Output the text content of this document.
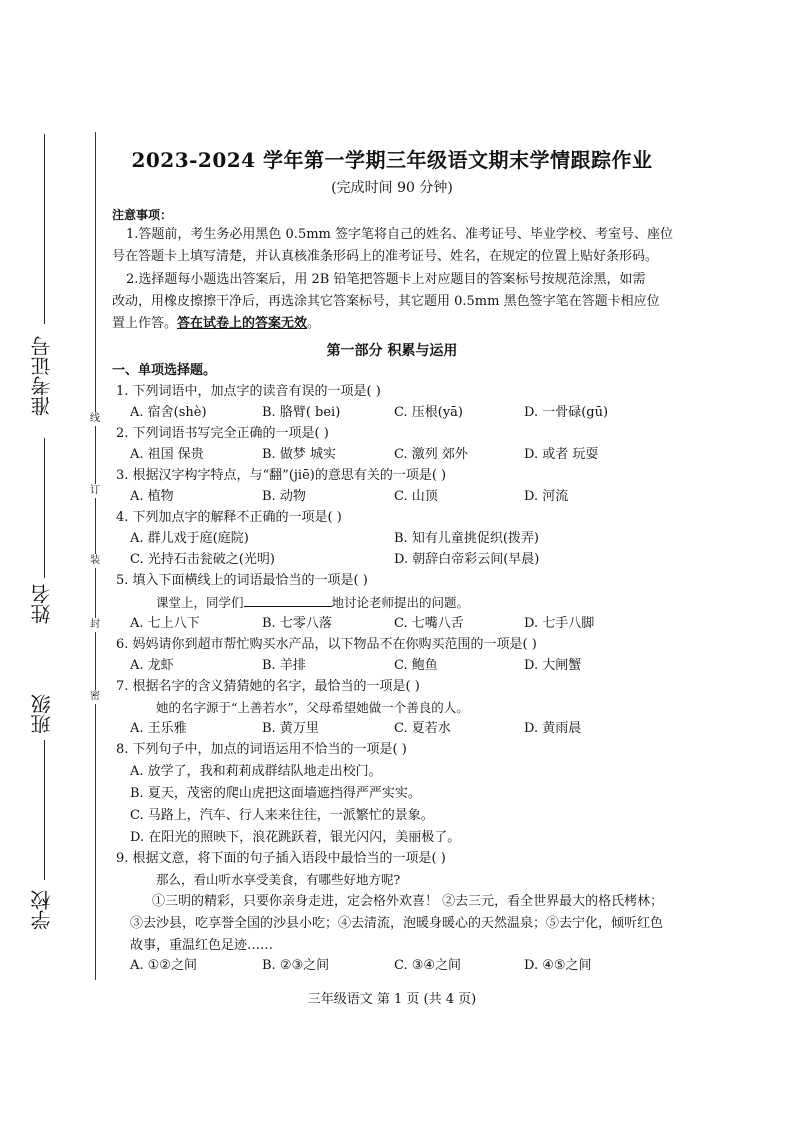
线
订
装
封
密
准考证号
姓名
班级
学校
2023-2024 学年第一学期三年级语文期末学情跟踪作业
(完成时间 90 分钟)
注意事项：
1.答题前，考生务必用黑色 0.5mm 签字笔将自己的姓名、准考证号、毕业学校、考室号、座位
号在答题卡上填写清楚，并认真核准条形码上的准考证号、姓名，在规定的位置上贴好条形码。
2.选择题每小题选出答案后，用 2B 铅笔把答题卡上对应题目的答案标号按规范涂黑，如需
改动，用橡皮擦擦干净后，再选涂其它答案标号，其它题用 0.5mm 黑色签字笔在答题卡相应位
置上作答。答在试卷上的答案无效。
第一部分 积累与运用
一、单项选择题。
1. 下列词语中，加点字的读音有误的一项是( )
A. 宿舍(shè)	B. 胳臂( bei)	C. 压根(yā)	D. 一骨碌(gū)
2. 下列词语书写完全正确的一项是( )
A. 祖国 保贵	B. 做梦 城实	C. 激列 郊外	D. 或者 玩耍
3. 根据汉字构字特点，与“翻”(jiē)的意思有关的一项是( )
A. 植物	B. 动物	C. 山顶	D. 河流
4. 下列加点字的解释不正确的一项是( )
A. 群儿戏于庭(庭院)	B. 知有儿童挑促织(拨弄)
C. 光持石击瓮破之(光明)	D. 朝辞白帝彩云间(早晨)
5. 填入下面横线上的词语最恰当的一项是( )
课堂上，同学们	地讨论老师提出的问题。
A. 七上八下	B. 七零八落	C. 七嘴八舌	D. 七手八脚
6. 妈妈请你到超市帮忙购买水产品，以下物品不在你购买范围的一项是( )
A. 龙虾	B. 羊排	C. 鲍鱼	D. 大闸蟹
7. 根据名字的含义猜猜她的名字，最恰当的一项是( )
她的名字源于“上善若水”，父母希望她做一个善良的人。
A. 王乐雅	B. 黄万里	C. 夏若水	D. 黄雨晨
8. 下列句子中，加点的词语运用不恰当的一项是( )
A. 放学了，我和莉莉成群结队地走出校门。
B. 夏天，茂密的爬山虎把这面墙遮挡得严严实实。
C. 马路上，汽车、行人来来往往，一派繁忙的景象。
D. 在阳光的照映下，浪花跳跃着，银光闪闪，美丽极了。
9. 根据文意，将下面的句子插入语段中最恰当的一项是( )
那么，看山听水享受美食，有哪些好地方呢?
①三明的精彩，只要你亲身走进，定会格外欢喜！ ②去三元，看全世界最大的格氏栲林；
③去沙县，吃享誉全国的沙县小吃；④去清流，泡暖身暖心的天然温泉；⑤去宁化，倾听红色
故事，重温红色足迹……
A. ①②之间	B. ②③之间	C. ③④之间	D. ④⑤之间
三年级语文 第 1 页 (共 4 页)
